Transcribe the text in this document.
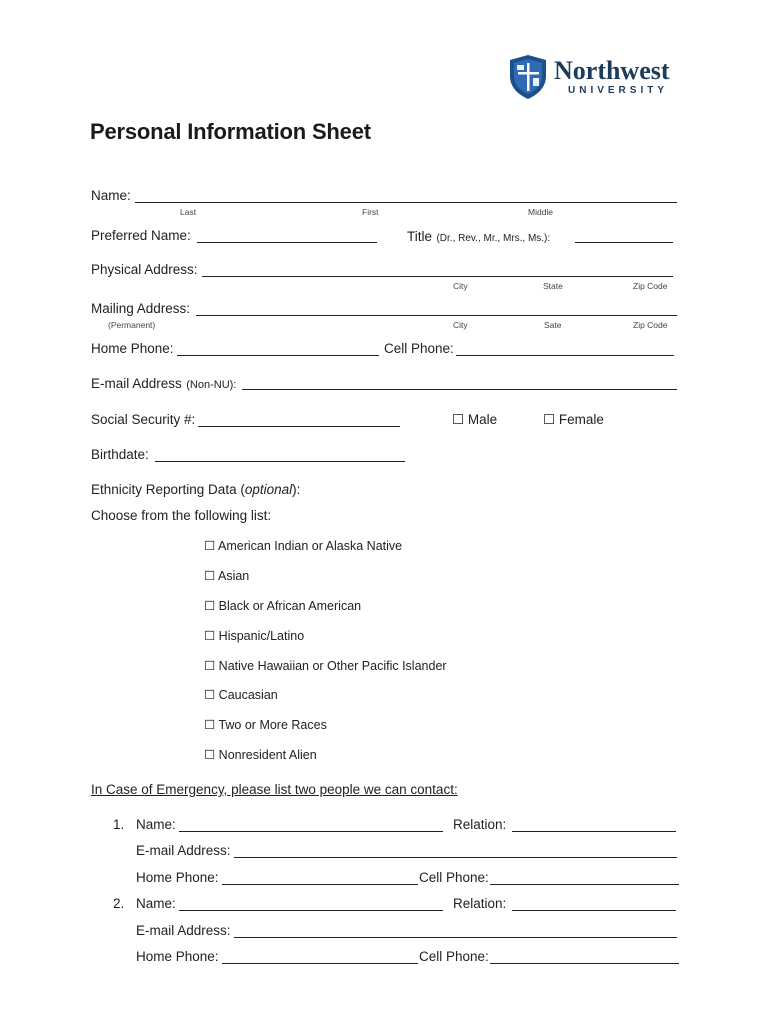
Northwest
UNIVERSITY
Personal Information Sheet
Name:
Last	First	Middle
Preferred Name:	Title (Dr., Rev., Mr., Mrs., Ms.):
Physical Address:
City	State	Zip Code
Mailing Address:
(Permanent)	City	Sate	Zip Code
Home Phone:	Cell Phone:
E-mail Address (Non-NU):
Social Security #:	☐ Male	☐ Female
Birthdate:
Ethnicity Reporting Data (optional):
Choose from the following list:
☐ American Indian or Alaska Native
☐ Asian
☐ Black or African American
☐ Hispanic/Latino
☐ Native Hawaiian or Other Pacific Islander
☐ Caucasian
☐ Two or More Races
☐ Nonresident Alien
In Case of Emergency, please list two people we can contact:
1. Name:	Relation:
E-mail Address:
Home Phone:	Cell Phone:
2. Name:	Relation:
E-mail Address:
Home Phone:	Cell Phone:
